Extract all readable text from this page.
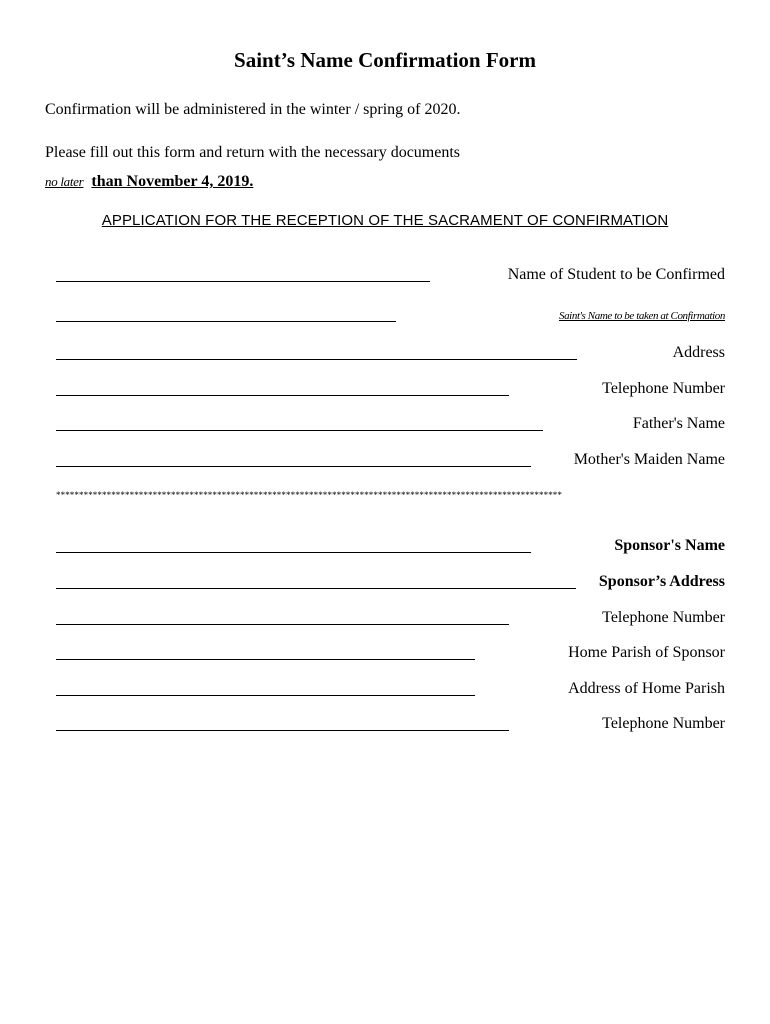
Saint’s Name Confirmation Form
Confirmation will be administered in the winter / spring of 2020.
Please fill out this form and return with the necessary documents
no later than November 4, 2019.
APPLICATION FOR THE RECEPTION OF THE SACRAMENT OF CONFIRMATION
Name of Student to be Confirmed
Saint's Name to be taken at Confirmation
Address
Telephone Number
Father's Name
Mother's Maiden Name
**************************************************************************************************************
Sponsor's Name
Sponsor’s Address
Telephone Number
Home Parish of Sponsor
Address of Home Parish
Telephone Number
